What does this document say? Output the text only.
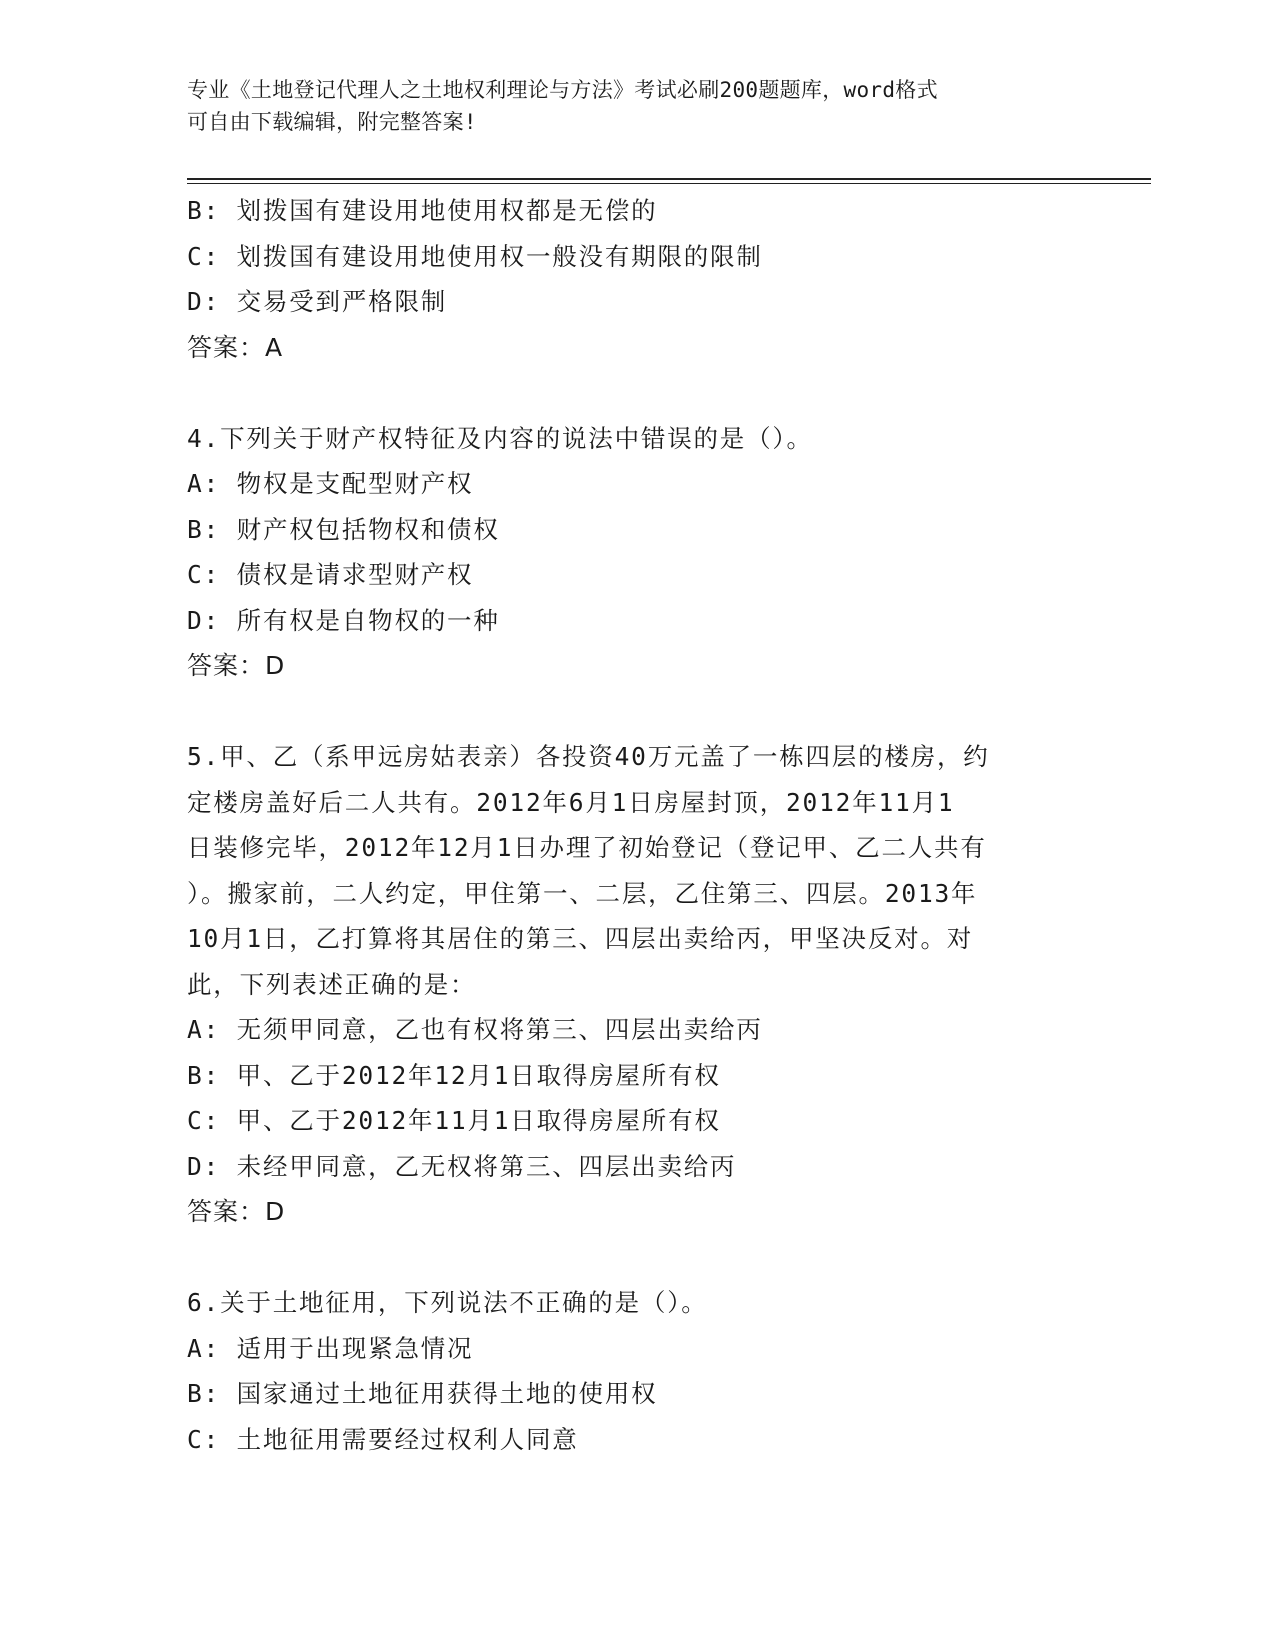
专业《土地登记代理人之土地权利理论与方法》考试必刷200题题库，word格式
可自由下载编辑，附完整答案!
B: 划拨国有建设用地使用权都是无偿的
C: 划拨国有建设用地使用权一般没有期限的限制
D: 交易受到严格限制
答案：A
4.下列关于财产权特征及内容的说法中错误的是（）。
A: 物权是支配型财产权
B: 财产权包括物权和债权
C: 债权是请求型财产权
D: 所有权是自物权的一种
答案：D
5.甲、乙（系甲远房姑表亲）各投资40万元盖了一栋四层的楼房，约
定楼房盖好后二人共有。2012年6月1日房屋封顶，2012年11月1
日装修完毕，2012年12月1日办理了初始登记（登记甲、乙二人共有
）。搬家前，二人约定，甲住第一、二层，乙住第三、四层。2013年
10月1日，乙打算将其居住的第三、四层出卖给丙，甲坚决反对。对
此，下列表述正确的是：
A: 无须甲同意，乙也有权将第三、四层出卖给丙
B: 甲、乙于2012年12月1日取得房屋所有权
C: 甲、乙于2012年11月1日取得房屋所有权
D: 未经甲同意，乙无权将第三、四层出卖给丙
答案：D
6.关于土地征用，下列说法不正确的是（）。
A: 适用于出现紧急情况
B: 国家通过土地征用获得土地的使用权
C: 土地征用需要经过权利人同意
